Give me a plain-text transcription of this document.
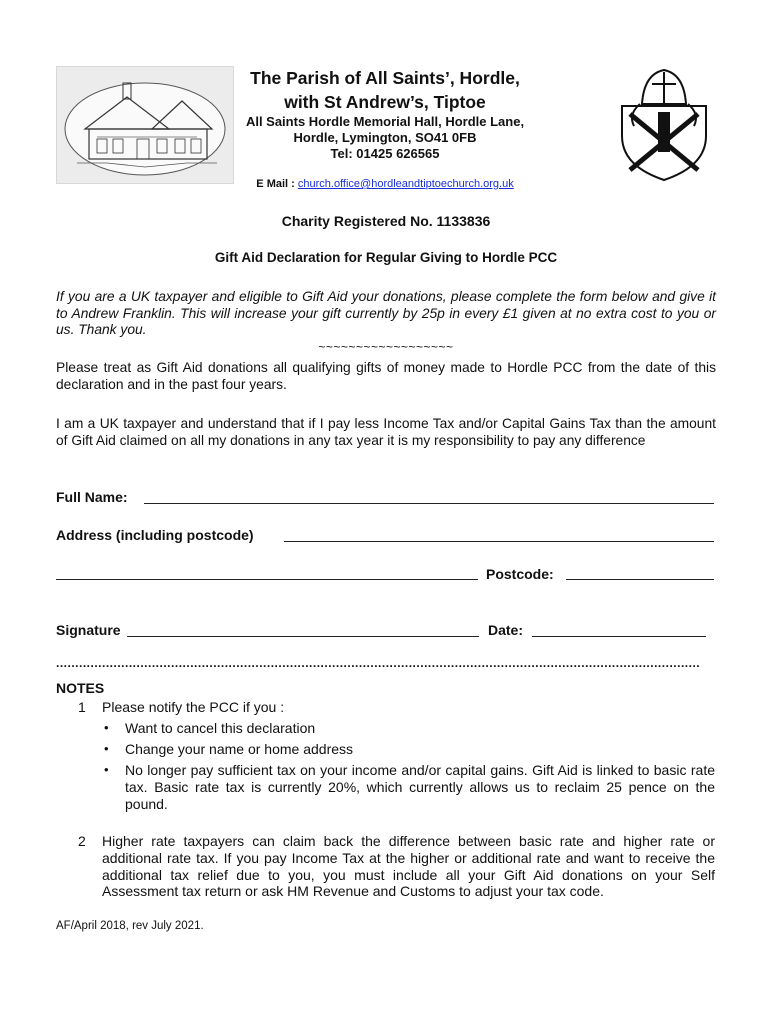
The Parish of All Saints’, Hordle,
with St Andrew’s, Tiptoe
All Saints Hordle Memorial Hall, Hordle Lane,
Hordle, Lymington, SO41 0FB
Tel: 01425 626565
E Mail : church.office@hordleandtiptoechurch.org.uk
Charity Registered No. 1133836
Gift Aid Declaration for Regular Giving to Hordle PCC
If you are a UK taxpayer and eligible to Gift Aid your donations, please complete the form below and give it to Andrew Franklin. This will increase your gift currently by 25p in every £1 given at no extra cost to you or us. Thank you.
~~~~~~~~~~~~~~~~~~
Please treat as Gift Aid donations all qualifying gifts of money made to Hordle PCC from the date of this declaration and in the past four years.
I am a UK taxpayer and understand that if I pay less Income Tax and/or Capital Gains Tax than the amount of Gift Aid claimed on all my donations in any tax year it is my responsibility to pay any difference
Full Name:
Address (including postcode)
Postcode:
Signature	Date:
........................................................................................................................................................................
NOTES
1 Please notify the PCC if you :
• Want to cancel this declaration
• Change your name or home address
• No longer pay sufficient tax on your income and/or capital gains. Gift Aid is linked to basic rate tax. Basic rate tax is currently 20%, which currently allows us to reclaim 25 pence on the pound.
2 Higher rate taxpayers can claim back the difference between basic rate and higher rate or additional rate tax. If you pay Income Tax at the higher or additional rate and want to receive the additional tax relief due to you, you must include all your Gift Aid donations on your Self Assessment tax return or ask HM Revenue and Customs to adjust your tax code.
AF/April 2018, rev July 2021.
